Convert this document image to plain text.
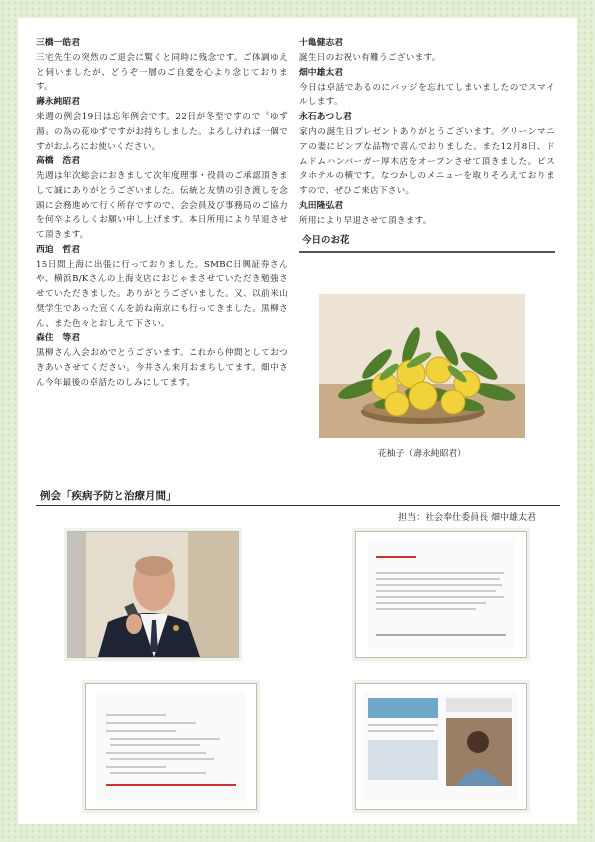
三橋一皓君

三宅先生の突然のご退会に驚くと同時に残念です。ご体調ゆえと伺いましたが、どうぞ一層のご自愛を心より念じております。

壽永純昭君

来週の例会19日は忘年例会です。22日が冬至ですので〝ゆず湯〟の為の花ゆずですがお持ちしました。よろしければ一個ですがおふろにお使いください。

高橋　浩君

先週は年次総会におきまして次年度理事・役員のご承認頂きまして誠にありがとうございました。伝統と友情の引き渡しを念頭に会務進めて行く所存ですので、会会員及び事務局のご協力を何卒よろしくお願い申し上げます。本日所用により早退させて頂きます。

西迫　哲君

15日間上海に出張に行っておりました。SMBC日興証券さんや、横浜B/Kさんの上海支店におじゃまさせていただき勉強させていただきました。ありがとうございました。又、以前米山奨学生であった宣くんを訪ね南京にも行ってきました。黒柳さん、また色々とおしえて下さい。

森住　等君

黒柳さん入会おめでとうございます。これから仲間としておつきあいさせてください。今井さん来月おまちしてます。畑中さん今年最後の卓話たのしみにしてます。

十亀健志君

誕生日のお祝い有難うございます。

畑中雄太君

今日は卓話であるのにバッジを忘れてしまいましたのでスマイルします。

永石あつし君

家内の誕生日プレゼントありがとうございます。グリーンマニアの妻にピンプな品物で喜んでおりました。また12月8日、ドムドムハンバーガー厚木店をオープンさせて頂きました。ビスタホテルの横です。なつかしのメニューを取りそろえておりますので、ぜひご来店下さい。

丸田隆弘君

所用により早退させて頂きます。

今日のお花
花柚子（壽永純昭君）
例会「疾病予防と治療月間」
担当：社会奉仕委員長 畑中雄太君
